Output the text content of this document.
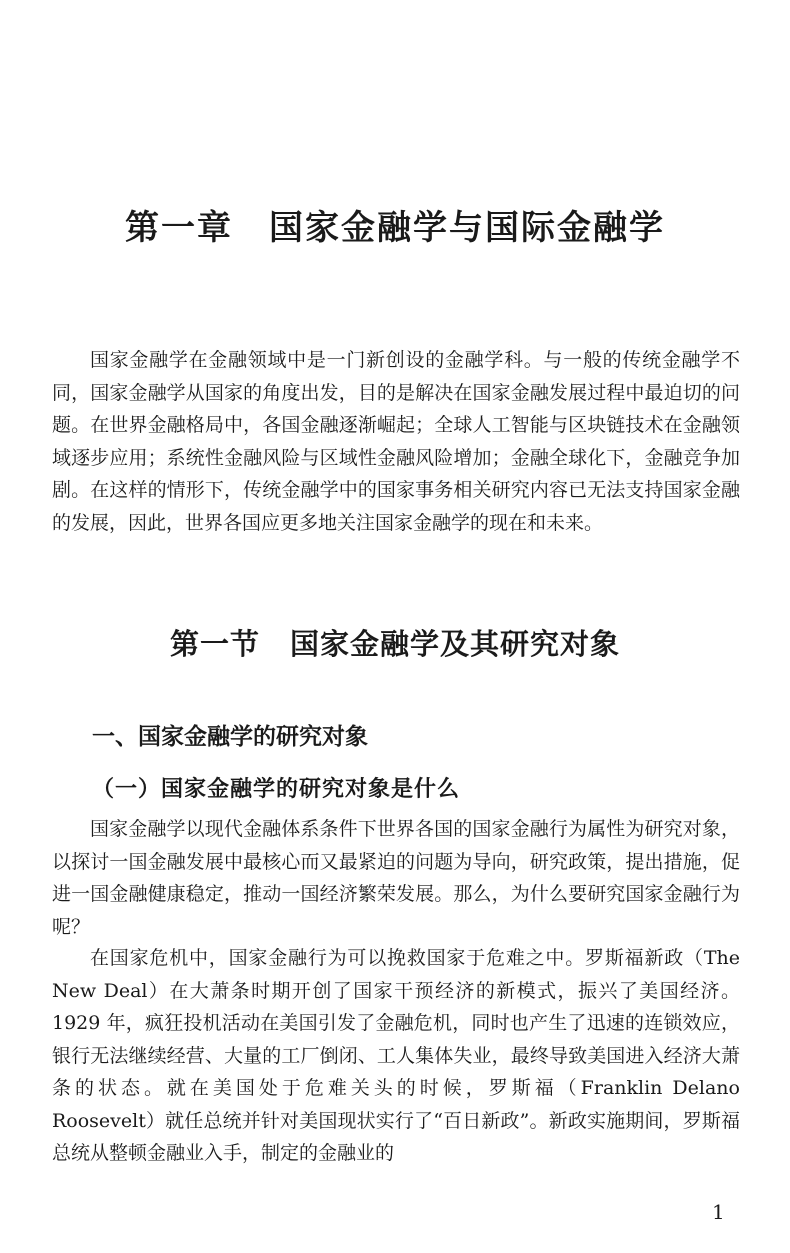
第一章　国家金融学与国际金融学

国家金融学在金融领域中是一门新创设的金融学科。与一般的传统金融学不同，国家金融学从国家的角度出发，目的是解决在国家金融发展过程中最迫切的问题。在世界金融格局中，各国金融逐渐崛起；全球人工智能与区块链技术在金融领域逐步应用；系统性金融风险与区域性金融风险增加；金融全球化下，金融竞争加剧。在这样的情形下，传统金融学中的国家事务相关研究内容已无法支持国家金融的发展，因此，世界各国应更多地关注国家金融学的现在和未来。

第一节　国家金融学及其研究对象
一、国家金融学的研究对象
（一）国家金融学的研究对象是什么

国家金融学以现代金融体系条件下世界各国的国家金融行为属性为研究对象，以探讨一国金融发展中最核心而又最紧迫的问题为导向，研究政策，提出措施，促进一国金融健康稳定，推动一国经济繁荣发展。那么，为什么要研究国家金融行为呢？

在国家危机中，国家金融行为可以挽救国家于危难之中。罗斯福新政（The New Deal）在大萧条时期开创了国家干预经济的新模式，振兴了美国经济。1929 年，疯狂投机活动在美国引发了金融危机，同时也产生了迅速的连锁效应，银行无法继续经营、大量的工厂倒闭、工人集体失业，最终导致美国进入经济大萧条的状态。就在美国处于危难关头的时候，罗斯福（Franklin Delano Roosevelt）就任总统并针对美国现状实行了“百日新政”。新政实施期间，罗斯福总统从整顿金融业入手，制定的金融业的

1
